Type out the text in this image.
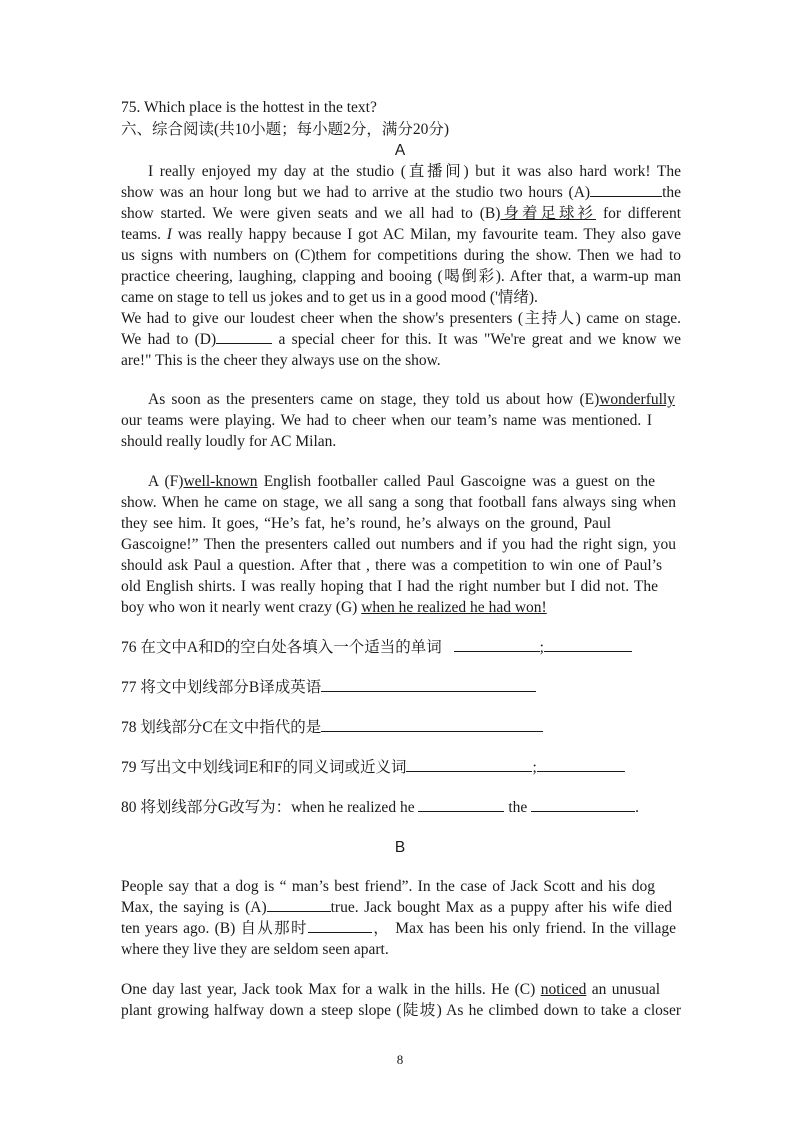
75. Which place is the hottest in the text?
六、综合阅读(共10小题；每小题2分，满分20分)
A
I really enjoyed my day at the studio (直播间) but it was also hard work! The
show was an hour long but we had to arrive at the studio two hours (A)	the
show started. We were given seats and we all had to (B)身着足球衫 for different
teams. I was really happy because I got AC Milan, my favourite team. They also gave
us signs with numbers on (C)them for competitions during the show. Then we had to
practice cheering, laughing, clapping and booing (喝倒彩). After that, a warm-up man
came on stage to tell us jokes and to get us in a good mood ('情绪).
We had to give our loudest cheer when the show's presenters (主持人) came on stage.
We had to (D)	a special cheer for this. It was "We're great and we know we
are!" This is the cheer they always use on the show.
As soon as the presenters came on stage, they told us about how (E)wonderfully
our teams were playing. We had to cheer when our team’s name was mentioned. I
should really loudly for AC Milan.
A (F)well-known English footballer called Paul Gascoigne was a guest on the
show. When he came on stage, we all sang a song that football fans always sing when
they see him. It goes, “He’s fat, he’s round, he’s always on the ground, Paul
Gascoigne!” Then the presenters called out numbers and if you had the right sign, you
should ask Paul a question. After that , there was a competition to win one of Paul’s
old English shirts. I was really hoping that I had the right number but I did not. The
boy who won it nearly went crazy (G) when he realized he had won!
76 在文中A和D的空白处各填入一个适当的单词	;
77 将文中划线部分B译成英语
78 划线部分C在文中指代的是
79 写出文中划线词E和F的同义词或近义词	;
80 将划线部分G改写为：when he realized he	the	.
B
People say that a dog is “ man’s best friend”. In the case of Jack Scott and his dog
Max, the saying is (A)	true. Jack bought Max as a puppy after his wife died
ten years ago. (B) 自从那时	， Max has been his only friend. In the village
where they live they are seldom seen apart.
One day last year, Jack took Max for a walk in the hills. He (C) noticed an unusual
plant growing halfway down a steep slope (陡坡) As he climbed down to take a closer
8
